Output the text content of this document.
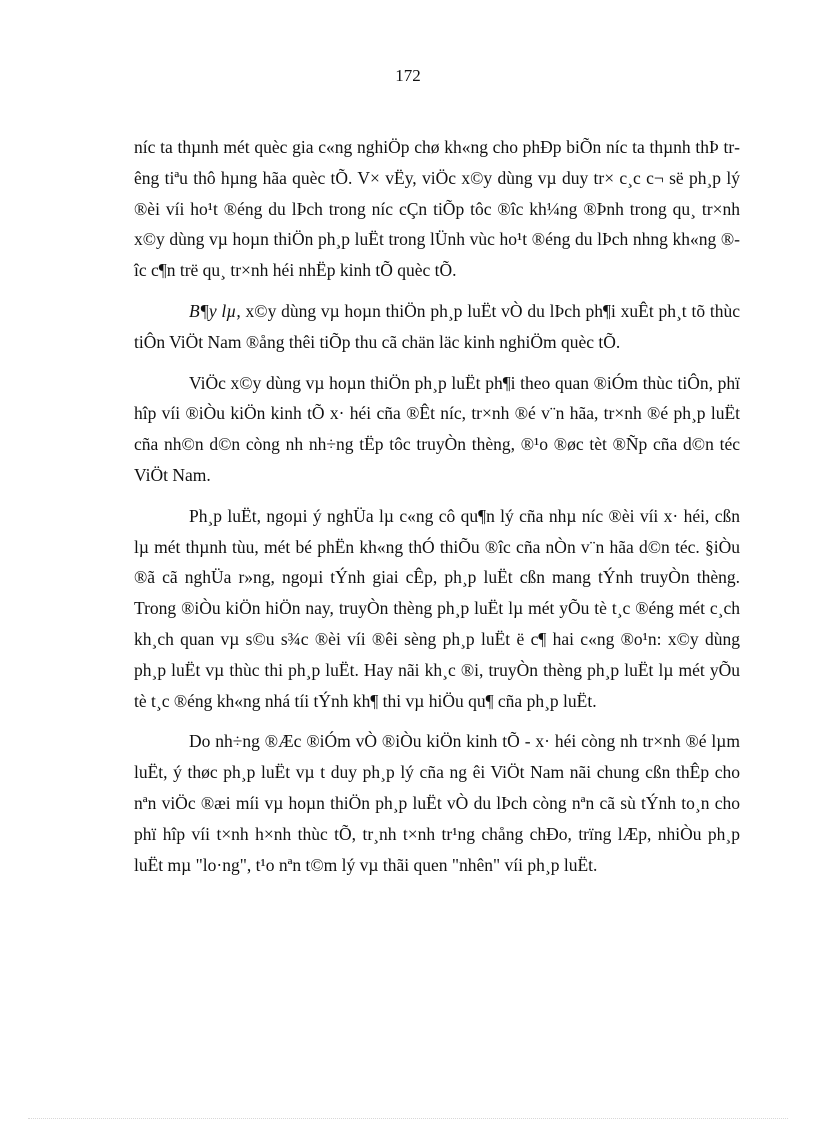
172

níc ta thµnh mét quèc gia c«ng nghiÖp chø kh«ng cho phÐp biÕn níc ta thµnh thÞ trêng tiªu thô hµng hãa quèc tÕ. V× vËy, viÖc x©y dùng vµ duy tr× c¸c c¬ së ph¸p lý ®èi víi ho¹t ®éng du lÞch trong níc cÇn tiÕp tôc ®îc kh¼ng ®Þnh trong qu¸ tr×nh x©y dùng vµ hoµn thiÖn ph¸p luËt trong lÜnh vùc ho¹t ®éng du lÞch nhng kh«ng ®îc c¶n trë qu¸ tr×nh héi nhËp kinh tÕ quèc tÕ.

B¶y lµ, x©y dùng vµ hoµn thiÖn ph¸p luËt vÒ du lÞch ph¶i xuÊt ph¸t tõ thùc tiÔn ViÖt Nam ®ång thêi tiÕp thu cã chän läc kinh nghiÖm quèc tÕ.

ViÖc x©y dùng vµ hoµn thiÖn ph¸p luËt ph¶i theo quan ®iÓm thùc tiÔn, phï hîp víi ®iÒu kiÖn kinh tÕ x· héi cña ®Êt níc, tr×nh ®é v¨n hãa, tr×nh ®é ph¸p luËt cña nh©n d©n còng nh nh÷ng tËp tôc truyÒn thèng, ®¹o ®øc tèt ®Ñp cña d©n téc ViÖt Nam.

Ph¸p luËt, ngoµi ý nghÜa lµ c«ng cô qu¶n lý cña nhµ níc ®èi víi x· héi, cßn lµ mét thµnh tùu, mét bé phËn kh«ng thÓ thiÕu ®îc cña nÒn v¨n hãa d©n téc. §iÒu ®ã cã nghÜa r»ng, ngoµi tÝnh giai cÊp, ph¸p luËt cßn mang tÝnh truyÒn thèng. Trong ®iÒu kiÖn hiÖn nay, truyÒn thèng ph¸p luËt lµ mét yÕu tè t¸c ®éng mét c¸ch kh¸ch quan vµ s©u s¾c ®èi víi ®êi sèng ph¸p luËt ë c¶ hai c«ng ®o¹n: x©y dùng ph¸p luËt vµ thùc thi ph¸p luËt. Hay nãi kh¸c ®i, truyÒn thèng ph¸p luËt lµ mét yÕu tè t¸c ®éng kh«ng nhá tíi tÝnh kh¶ thi vµ hiÖu qu¶ cña ph¸p luËt.

Do nh÷ng ®Æc ®iÓm vÒ ®iÒu kiÖn kinh tÕ - x· héi còng nh tr×nh ®é lµm luËt, ý thøc ph¸p luËt vµ t duy ph¸p lý cña ng êi ViÖt Nam nãi chung cßn thÊp cho nªn viÖc ®æi míi vµ hoµn thiÖn ph¸p luËt vÒ du lÞch còng nªn cã sù tÝnh to¸n cho phï hîp víi t×nh h×nh thùc tÕ, tr¸nh t×nh tr¹ng chång chÐo, trïng lÆp, nhiÒu ph¸p luËt mµ "lo·ng", t¹o nªn t©m lý vµ thãi quen "nhên" víi ph¸p luËt.
